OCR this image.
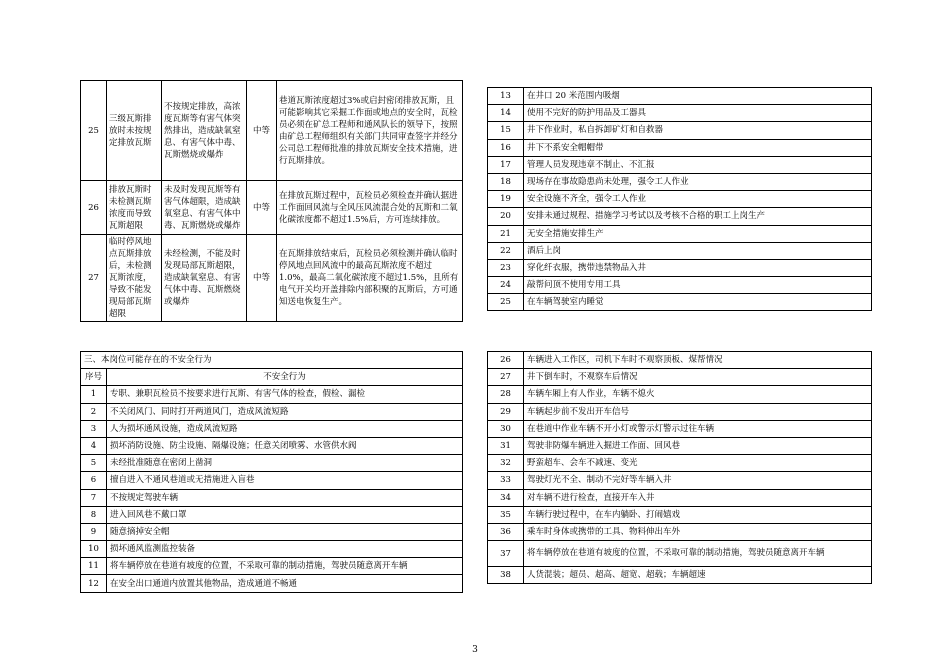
25	三级瓦斯排放时未按规定排放瓦斯	不按规定排放，高浓度瓦斯等有害气体突然排出，造成缺氧窒息、有害气体中毒、瓦斯燃烧或爆炸	中等	巷道瓦斯浓度超过3%或启封密闭排放瓦斯，且可能影响其它采掘工作面或地点的安全时，瓦检员必须在矿总工程师和通风队长的领导下，按照由矿总工程师组织有关部门共同审查签字并经分公司总工程师批准的排放瓦斯安全技术措施，进行瓦斯排放。
26	排放瓦斯时未检测瓦斯浓度而导致瓦斯超限	未及时发现瓦斯等有害气体超限，造成缺氧窒息、有害气体中毒、瓦斯燃烧或爆炸	中等	在排放瓦斯过程中，瓦检员必须检查并确认据进工作面回风流与全风压风流混合处的瓦斯和二氧化碳浓度都不超过1.5%后，方可连续排放。
27	临时停风地点瓦斯排放后，未检测瓦斯浓度，导致不能发现局部瓦斯超限	未经检测，不能及时发现局部瓦斯超限，造成缺氧窒息、有害气体中毒、瓦斯燃烧或爆炸	中等	在瓦斯排放结束后，瓦检员必须检测并确认临时停风地点回风流中的最高瓦斯浓度不超过1.0%，最高二氧化碳浓度不超过1.5%，且所有电气开关均开盖排除内部积聚的瓦斯后，方可通知送电恢复生产。
13	在井口 20 米范围内吸烟
14	使用不完好的防护用品及工器具
15	井下作业时，私自拆卸矿灯和自救器
16	井下不系安全帽帽带
17	管理人员发现违章不制止、不汇报
18	现场存在事故隐患尚未处理，强令工人作业
19	安全设施不齐全，强令工人作业
20	安排未通过规程、措施学习考试以及考核不合格的职工上岗生产
21	无安全措施安排生产
22	酒后上岗
23	穿化纤衣服，携带违禁物品入井
24	敲帮问顶不使用专用工具
25	在车辆驾驶室内睡觉
三、本岗位可能存在的不安全行为	
序号	不安全行为
1	专职、兼职瓦检员不按要求进行瓦斯、有害气体的检查，假检、漏检
2	不关闭风门、同时打开两道风门，造成风流短路
3	人为损坏通风设施，造成风流短路
4	损坏消防设施、防尘设施、隔爆设施；任意关闭喷雾、水管供水阀
5	未经批准随意在密闭上凿洞
6	擅自进入不通风巷道或无措施进入盲巷
7	不按规定驾驶车辆
8	进入回风巷不戴口罩
9	随意摘掉安全帽
10	损坏通风监测监控装备
11	将车辆停放在巷道有坡度的位置，不采取可靠的制动措施，驾驶员随意离开车辆
12	在安全出口通道内放置其他物品，造成通道不畅通
26	车辆进入工作区，司机下车时不观察顶板、煤帮情况
27	井下倒车时，不观察车后情况
28	车辆车厢上有人作业，车辆不熄火
29	车辆起步前不发出开车信号
30	在巷道中作业车辆不开小灯或警示灯警示过往车辆
31	驾驶非防爆车辆进入掘进工作面、回风巷
32	野蛮超车、会车不减速、变光
33	驾驶灯光不全、制动不完好等车辆入井
34	对车辆不进行检查，直接开车入井
35	车辆行驶过程中，在车内躺卧、打闹嬉戏
36	乘车时身体或携带的工具、物料伸出车外
37	将车辆停放在巷道有坡度的位置，不采取可靠的制动措施，驾驶员随意离开车辆
38	人货混装；超员、超高、超宽、超载；车辆超速
3
